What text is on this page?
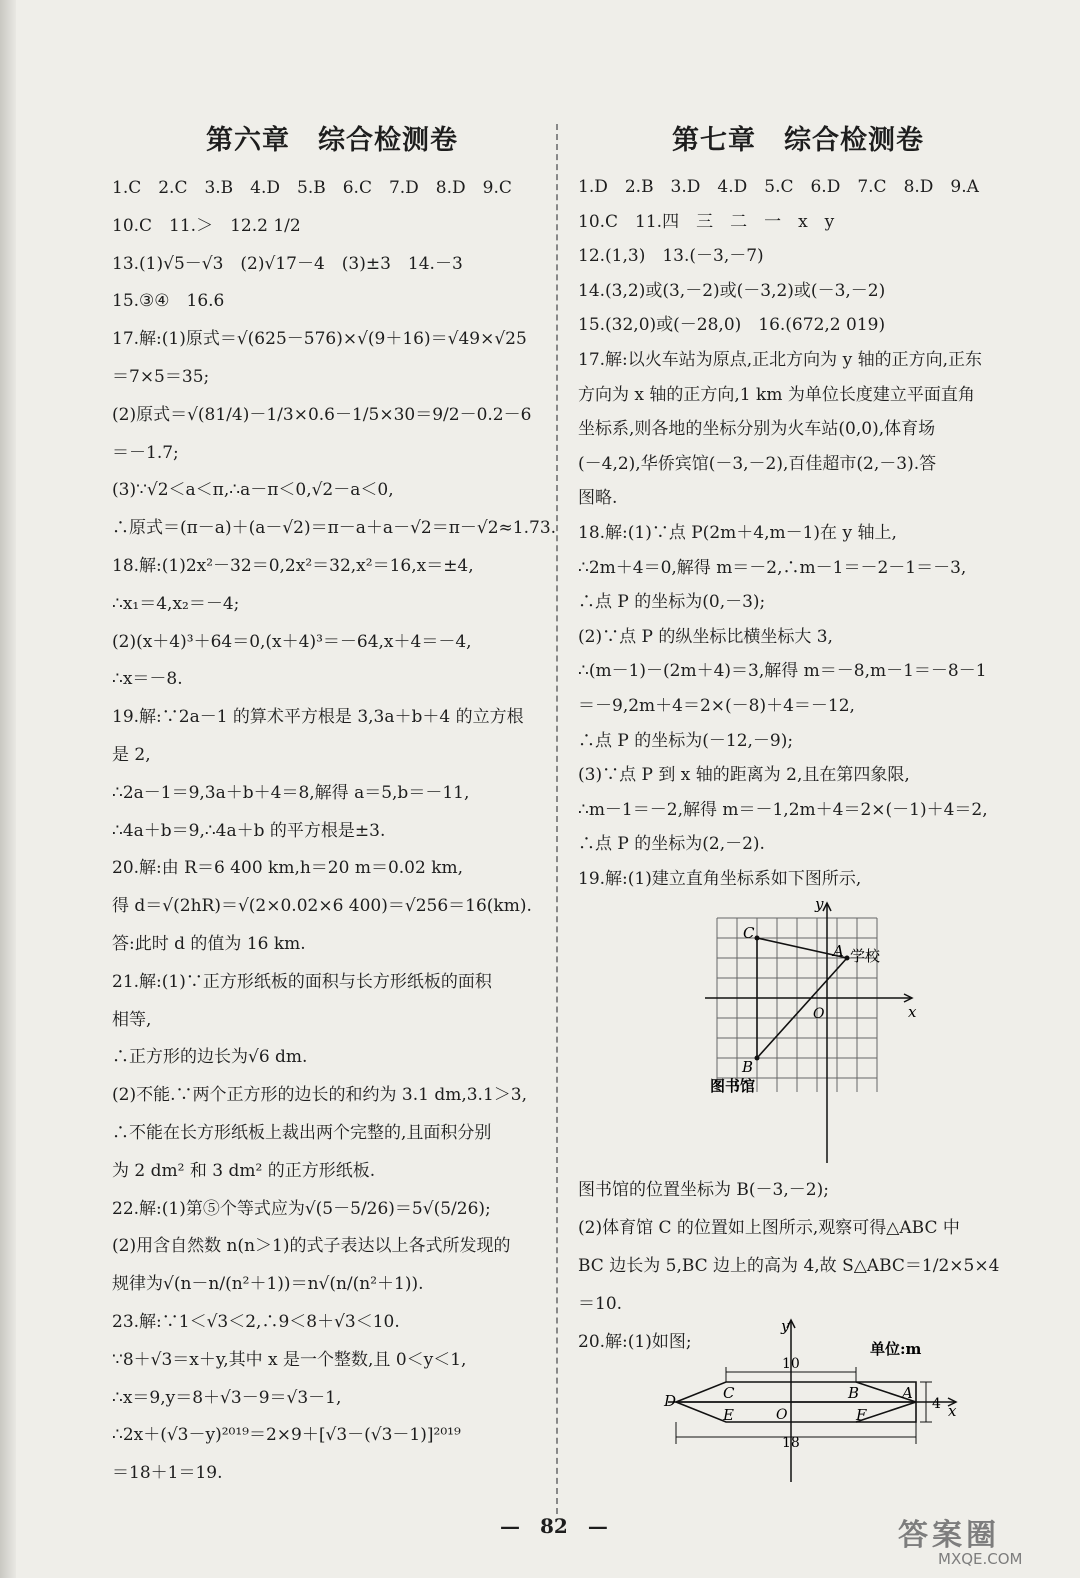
第六章　综合检测卷
1.C　2.C　3.B　4.D　5.B　6.C　7.D　8.D　9.C
10.C　11.＞　12.2 1/2
13.(1)√5－√3　(2)√17－4　(3)±3　14.－3
15.③④　16.6
17.解:(1)原式＝√(625－576)×√(9＋16)＝√49×√25
＝7×5＝35;
(2)原式＝√(81/4)－1/3×0.6－1/5×30＝9/2－0.2－6
＝－1.7;
(3)∵√2＜a＜π,∴a－π＜0,√2－a＜0,
∴原式＝(π－a)＋(a－√2)＝π－a＋a－√2＝π－√2≈1.73.
18.解:(1)2x²－32＝0,2x²＝32,x²＝16,x＝±4,
∴x₁＝4,x₂＝－4;
(2)(x＋4)³＋64＝0,(x＋4)³＝－64,x＋4＝－4,
∴x＝－8.
19.解:∵2a－1 的算术平方根是 3,3a＋b＋4 的立方根
是 2,
∴2a－1＝9,3a＋b＋4＝8,解得 a＝5,b＝－11,
∴4a＋b＝9,∴4a＋b 的平方根是±3.
20.解:由 R＝6 400 km,h＝20 m＝0.02 km,
得 d＝√(2hR)＝√(2×0.02×6 400)＝√256＝16(km).
答:此时 d 的值为 16 km.
21.解:(1)∵正方形纸板的面积与长方形纸板的面积
相等,
∴正方形的边长为√6 dm.
(2)不能.∵两个正方形的边长的和约为 3.1 dm,3.1＞3,
∴不能在长方形纸板上裁出两个完整的,且面积分别
为 2 dm² 和 3 dm² 的正方形纸板.
22.解:(1)第⑤个等式应为√(5－5/26)＝5√(5/26);
(2)用含自然数 n(n＞1)的式子表达以上各式所发现的
规律为√(n－n/(n²＋1))＝n√(n/(n²＋1)).
23.解:∵1＜√3＜2,∴9＜8＋√3＜10.
∵8＋√3＝x＋y,其中 x 是一个整数,且 0＜y＜1,
∴x＝9,y＝8＋√3－9＝√3－1,
∴2x＋(√3－y)²⁰¹⁹＝2×9＋[√3－(√3－1)]²⁰¹⁹
＝18＋1＝19.
第七章　综合检测卷
1.D　2.B　3.D　4.D　5.C　6.D　7.C　8.D　9.A
10.C　11.四　三　二　一　x　y
12.(1,3)　13.(－3,－7)
14.(3,2)或(3,－2)或(－3,2)或(－3,－2)
15.(32,0)或(－28,0)　16.(672,2 019)
17.解:以火车站为原点,正北方向为 y 轴的正方向,正东
方向为 x 轴的正方向,1 km 为单位长度建立平面直角
坐标系,则各地的坐标分别为火车站(0,0),体育场
(－4,2),华侨宾馆(－3,－2),百佳超市(2,－3).答
图略.
18.解:(1)∵点 P(2m＋4,m－1)在 y 轴上,
∴2m＋4＝0,解得 m＝－2,∴m－1＝－2－1＝－3,
∴点 P 的坐标为(0,－3);
(2)∵点 P 的纵坐标比横坐标大 3,
∴(m－1)－(2m＋4)＝3,解得 m＝－8,m－1＝－8－1
＝－9,2m＋4＝2×(－8)＋4＝－12,
∴点 P 的坐标为(－12,－9);
(3)∵点 P 到 x 轴的距离为 2,且在第四象限,
∴m－1＝－2,解得 m＝－1,2m＋4＝2×(－1)＋4＝2,
∴点 P 的坐标为(2,－2).
19.解:(1)建立直角坐标系如下图所示,
图书馆的位置坐标为 B(－3,－2);
(2)体育馆 C 的位置如上图所示,观察可得△ABC 中
BC 边长为 5,BC 边上的高为 4,故 S△ABC＝1/2×5×4
＝10.
20.解:(1)如图;
y
x
O
C
A 学校
B
图书馆
y
x
O
单位:m
10
18
4
D	C	B	A
E	F
—　82　—	答案圈
MXQE.COM
